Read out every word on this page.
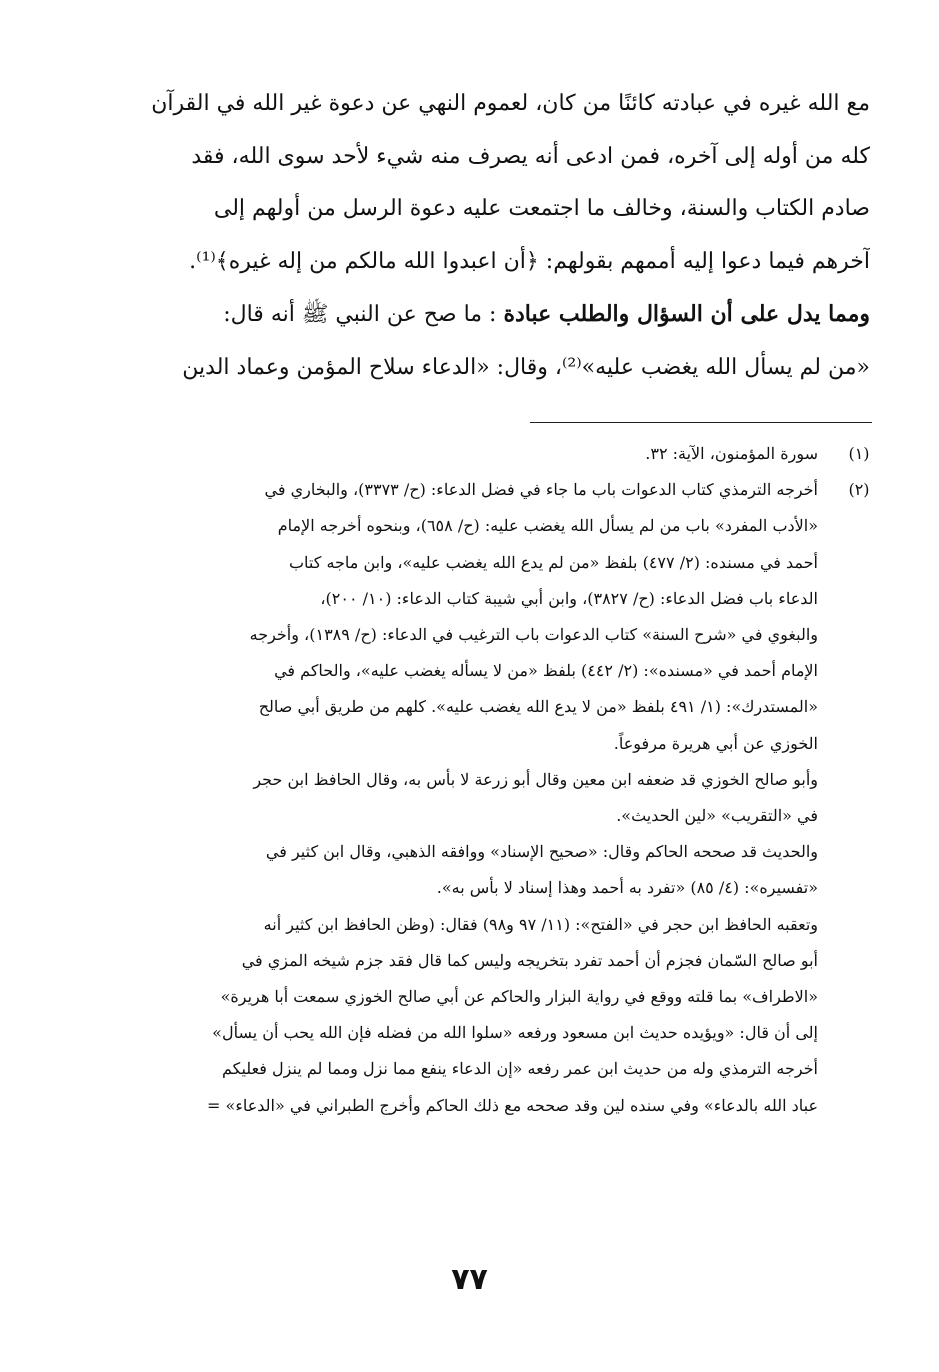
مع الله غيره في عبادته كائنًا من كان، لعموم النهي عن دعوة غير الله في القرآن
كله من أوله إلى آخره، فمن ادعى أنه يصرف منه شيء لأحد سوى الله، فقد
صادم الكتاب والسنة، وخالف ما اجتمعت عليه دعوة الرسل من أولهم إلى
آخرهم فيما دعوا إليه أممهم بقولهم: ﴿أن اعبدوا الله مالكم من إله غيره﴾⁽¹⁾.
ومما يدل على أن السؤال والطلب عبادة : ما صح عن النبي ﷺ أنه قال:
«من لم يسأل الله يغضب عليه»⁽²⁾، وقال: «الدعاء سلاح المؤمن وعماد الدين
(١)
سورة المؤمنون، الآية: ٣٢.
(٢)
أخرجه الترمذي كتاب الدعوات باب ما جاء في فضل الدعاء: (ح/ ٣٣٧٣)، والبخاري في
«الأدب المفرد» باب من لم يسأل الله يغضب عليه: (ح/ ٦٥٨)، وبنحوه أخرجه الإمام
أحمد في مسنده: (٢/ ٤٧٧) بلفظ «من لم يدع الله يغضب عليه»، وابن ماجه كتاب
الدعاء باب فضل الدعاء: (ح/ ٣٨٢٧)، وابن أبي شيبة كتاب الدعاء: (١٠/ ٢٠٠)،
والبغوي في «شرح السنة» كتاب الدعوات باب الترغيب في الدعاء: (ح/ ١٣٨٩)، وأخرجه
الإمام أحمد في «مسنده»: (٢/ ٤٤٢) بلفظ «من لا يسأله يغضب عليه»، والحاكم في
«المستدرك»: (١/ ٤٩١ بلفظ «من لا يدع الله يغضب عليه». كلهم من طريق أبي صالح
الخوزي عن أبي هريرة مرفوعاً.
وأبو صالح الخوزي قد ضعفه ابن معين وقال أبو زرعة لا بأس به، وقال الحافظ ابن حجر
في «التقريب» «لين الحديث».
والحديث قد صححه الحاكم وقال: «صحيح الإسناد» ووافقه الذهبي، وقال ابن كثير في
«تفسيره»: (٤/ ٨٥) «تفرد به أحمد وهذا إسناد لا بأس به».
وتعقبه الحافظ ابن حجر في «الفتح»: (١١/ ٩٧ و٩٨) فقال: (وظن الحافظ ابن كثير أنه
أبو صالح السّمان فجزم أن أحمد تفرد بتخريجه وليس كما قال فقد جزم شيخه المزي في
«الاطراف» بما قلته ووقع في رواية البزار والحاكم عن أبي صالح الخوزي سمعت أبا هريرة»
إلى أن قال: «ويؤيده حديث ابن مسعود ورفعه «سلوا الله من فضله فإن الله يحب أن يسأل»
أخرجه الترمذي وله من حديث ابن عمر رفعه «إن الدعاء ينفع مما نزل ومما لم ينزل فعليكم
عباد الله بالدعاء» وفي سنده لين وقد صححه مع ذلك الحاكم وأخرج الطبراني في «الدعاء» =
٧٧
